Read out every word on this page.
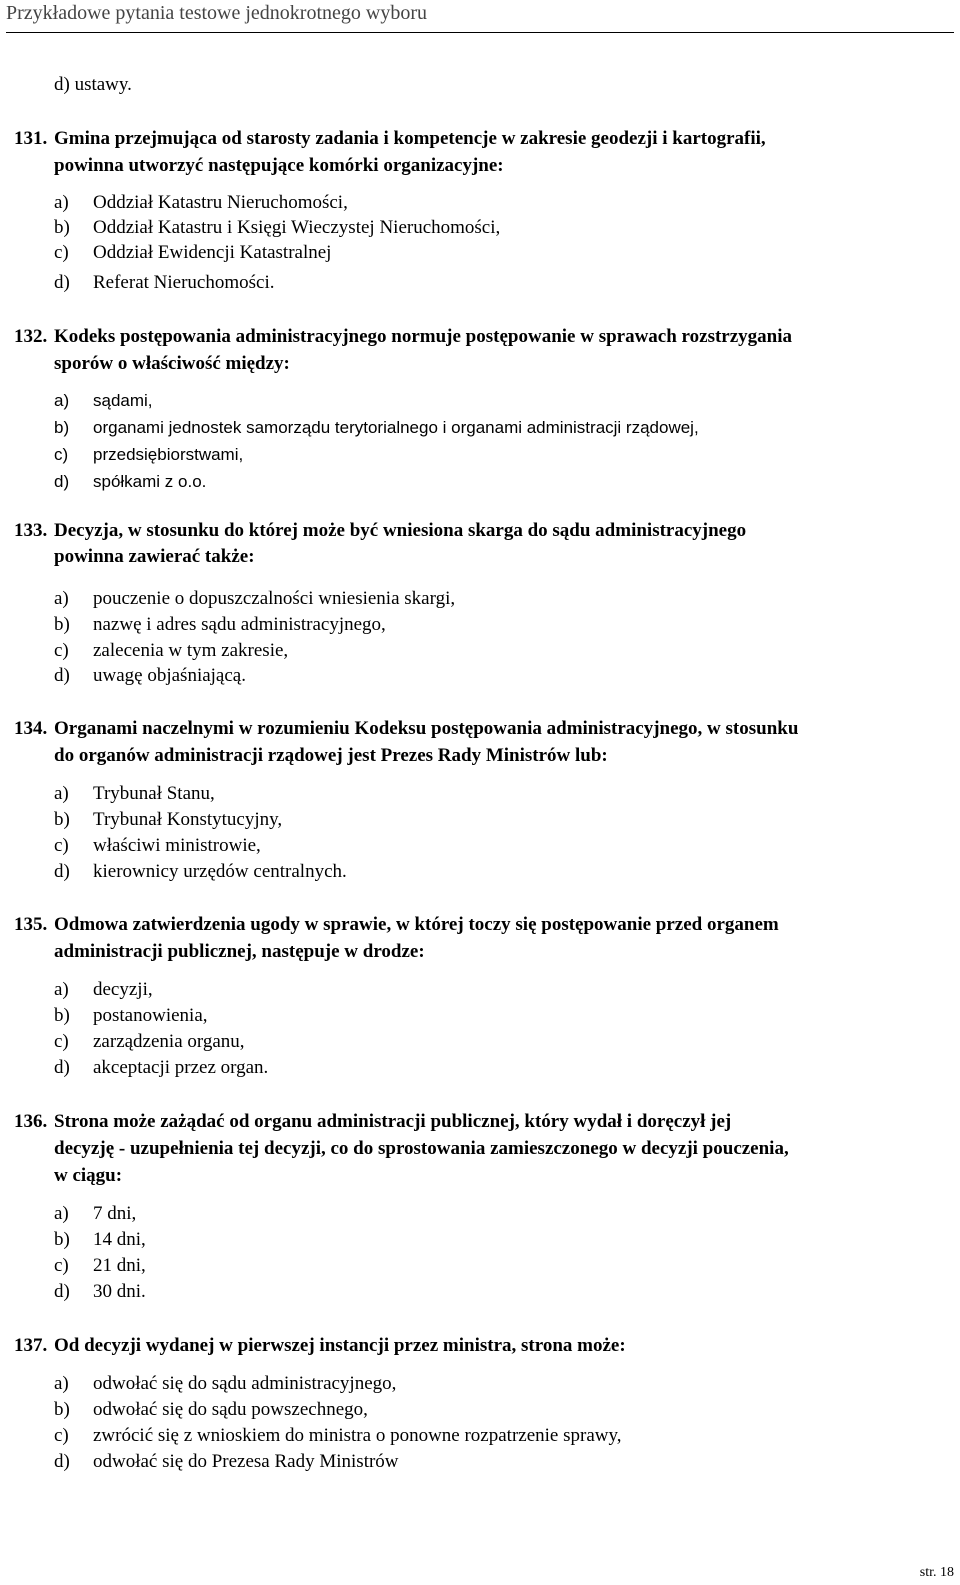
Przykładowe pytania testowe jednokrotnego wyboru
d) ustawy.
131. Gmina przejmująca od starosty zadania i kompetencje w zakresie geodezji i kartografii,
powinna utworzyć następujące komórki organizacyjne:
a) Oddział Katastru Nieruchomości,
b) Oddział Katastru i Księgi Wieczystej Nieruchomości,
c) Oddział Ewidencji Katastralnej
d) Referat Nieruchomości.
132. Kodeks postępowania administracyjnego normuje postępowanie w sprawach rozstrzygania
sporów o właściwość między:
a) sądami,
b) organami jednostek samorządu terytorialnego i organami administracji rządowej,
c) przedsiębiorstwami,
d) spółkami z o.o.
133. Decyzja, w stosunku do której może być wniesiona skarga do sądu administracyjnego
powinna zawierać także:
a) pouczenie o dopuszczalności wniesienia skargi,
b) nazwę i adres sądu administracyjnego,
c) zalecenia w tym zakresie,
d) uwagę objaśniającą.
134. Organami naczelnymi w rozumieniu Kodeksu postępowania administracyjnego, w stosunku
do organów administracji rządowej jest Prezes Rady Ministrów lub:
a) Trybunał Stanu,
b) Trybunał Konstytucyjny,
c) właściwi ministrowie,
d) kierownicy urzędów centralnych.
135. Odmowa zatwierdzenia ugody w sprawie, w której toczy się postępowanie przed organem
administracji publicznej, następuje w drodze:
a) decyzji,
b) postanowienia,
c) zarządzenia organu,
d) akceptacji przez organ.
136. Strona może zażądać od organu administracji publicznej, który wydał i doręczył jej
decyzję - uzupełnienia tej decyzji, co do sprostowania zamieszczonego w decyzji pouczenia,
w ciągu:
a) 7 dni,
b) 14 dni,
c) 21 dni,
d) 30 dni.
137. Od decyzji wydanej w pierwszej instancji przez ministra, strona może:
a) odwołać się do sądu administracyjnego,
b) odwołać się do sądu powszechnego,
c) zwrócić się z wnioskiem do ministra o ponowne rozpatrzenie sprawy,
d) odwołać się do Prezesa Rady Ministrów
str. 18
